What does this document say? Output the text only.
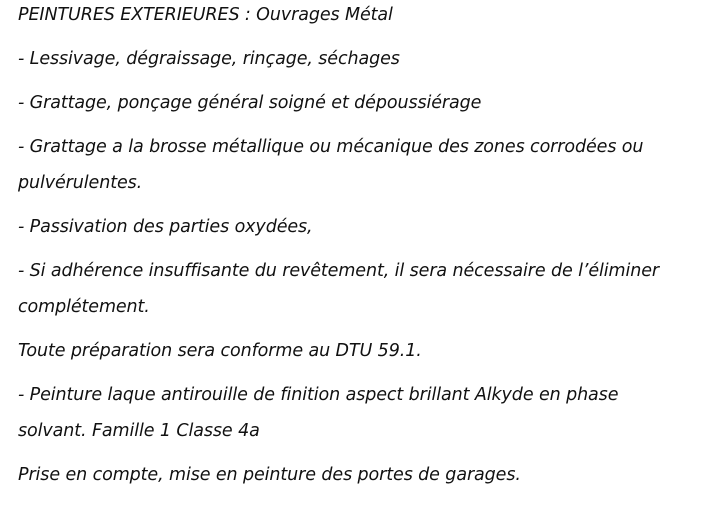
PEINTURES EXTERIEURES : Ouvrages Métal
- Lessivage, dégraissage, rinçage, séchages
- Grattage, ponçage général soigné et dépoussiérage
- Grattage a la brosse métallique ou mécanique des zones corrodées ou
pulvérulentes.
- Passivation des parties oxydées,
- Si adhérence insuffisante du revêtement, il sera nécessaire de l’éliminer
complétement.
Toute préparation sera conforme au DTU 59.1.
- Peinture laque antirouille de finition aspect brillant Alkyde en phase
solvant. Famille 1 Classe 4a
Prise en compte, mise en peinture des portes de garages.
